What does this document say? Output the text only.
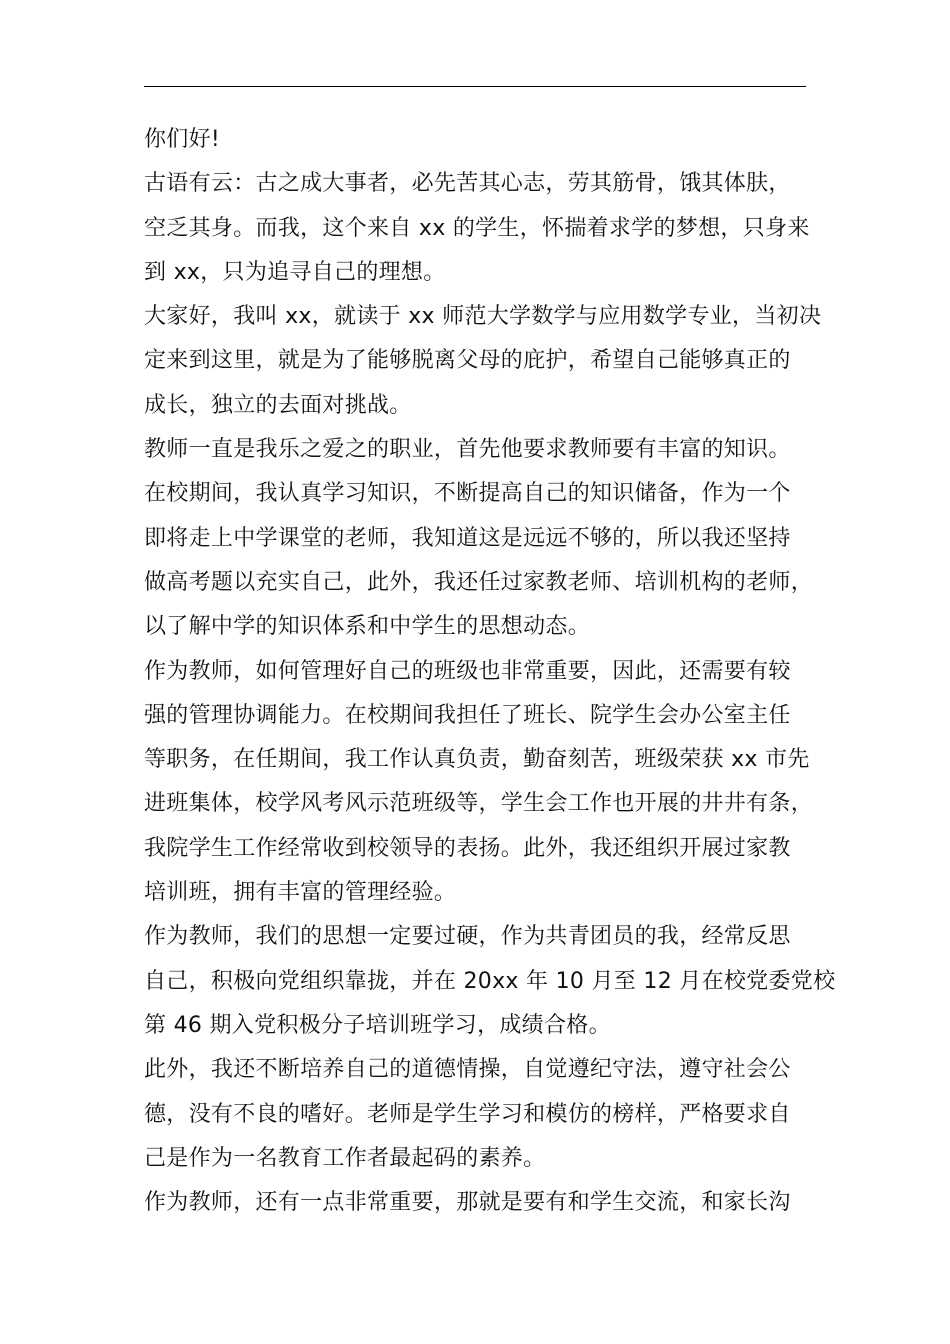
你们好!

古语有云：古之成大事者，必先苦其心志，劳其筋骨，饿其体肤，

空乏其身。而我，这个来自 xx 的学生，怀揣着求学的梦想，只身来

到 xx，只为追寻自己的理想。

大家好，我叫 xx，就读于 xx 师范大学数学与应用数学专业，当初决

定来到这里，就是为了能够脱离父母的庇护，希望自己能够真正的

成长，独立的去面对挑战。

教师一直是我乐之爱之的职业，首先他要求教师要有丰富的知识。

在校期间，我认真学习知识，不断提高自己的知识储备，作为一个

即将走上中学课堂的老师，我知道这是远远不够的，所以我还坚持

做高考题以充实自己，此外，我还任过家教老师、培训机构的老师，

以了解中学的知识体系和中学生的思想动态。

作为教师，如何管理好自己的班级也非常重要，因此，还需要有较

强的管理协调能力。在校期间我担任了班长、院学生会办公室主任

等职务，在任期间，我工作认真负责，勤奋刻苦，班级荣获 xx 市先

进班集体，校学风考风示范班级等，学生会工作也开展的井井有条，

我院学生工作经常收到校领导的表扬。此外，我还组织开展过家教

培训班，拥有丰富的管理经验。

作为教师，我们的思想一定要过硬，作为共青团员的我，经常反思

自己，积极向党组织靠拢，并在 20xx 年 10 月至 12 月在校党委党校

第 46 期入党积极分子培训班学习，成绩合格。

此外，我还不断培养自己的道德情操，自觉遵纪守法，遵守社会公

德，没有不良的嗜好。老师是学生学习和模仿的榜样，严格要求自

己是作为一名教育工作者最起码的素养。

作为教师，还有一点非常重要，那就是要有和学生交流，和家长沟
